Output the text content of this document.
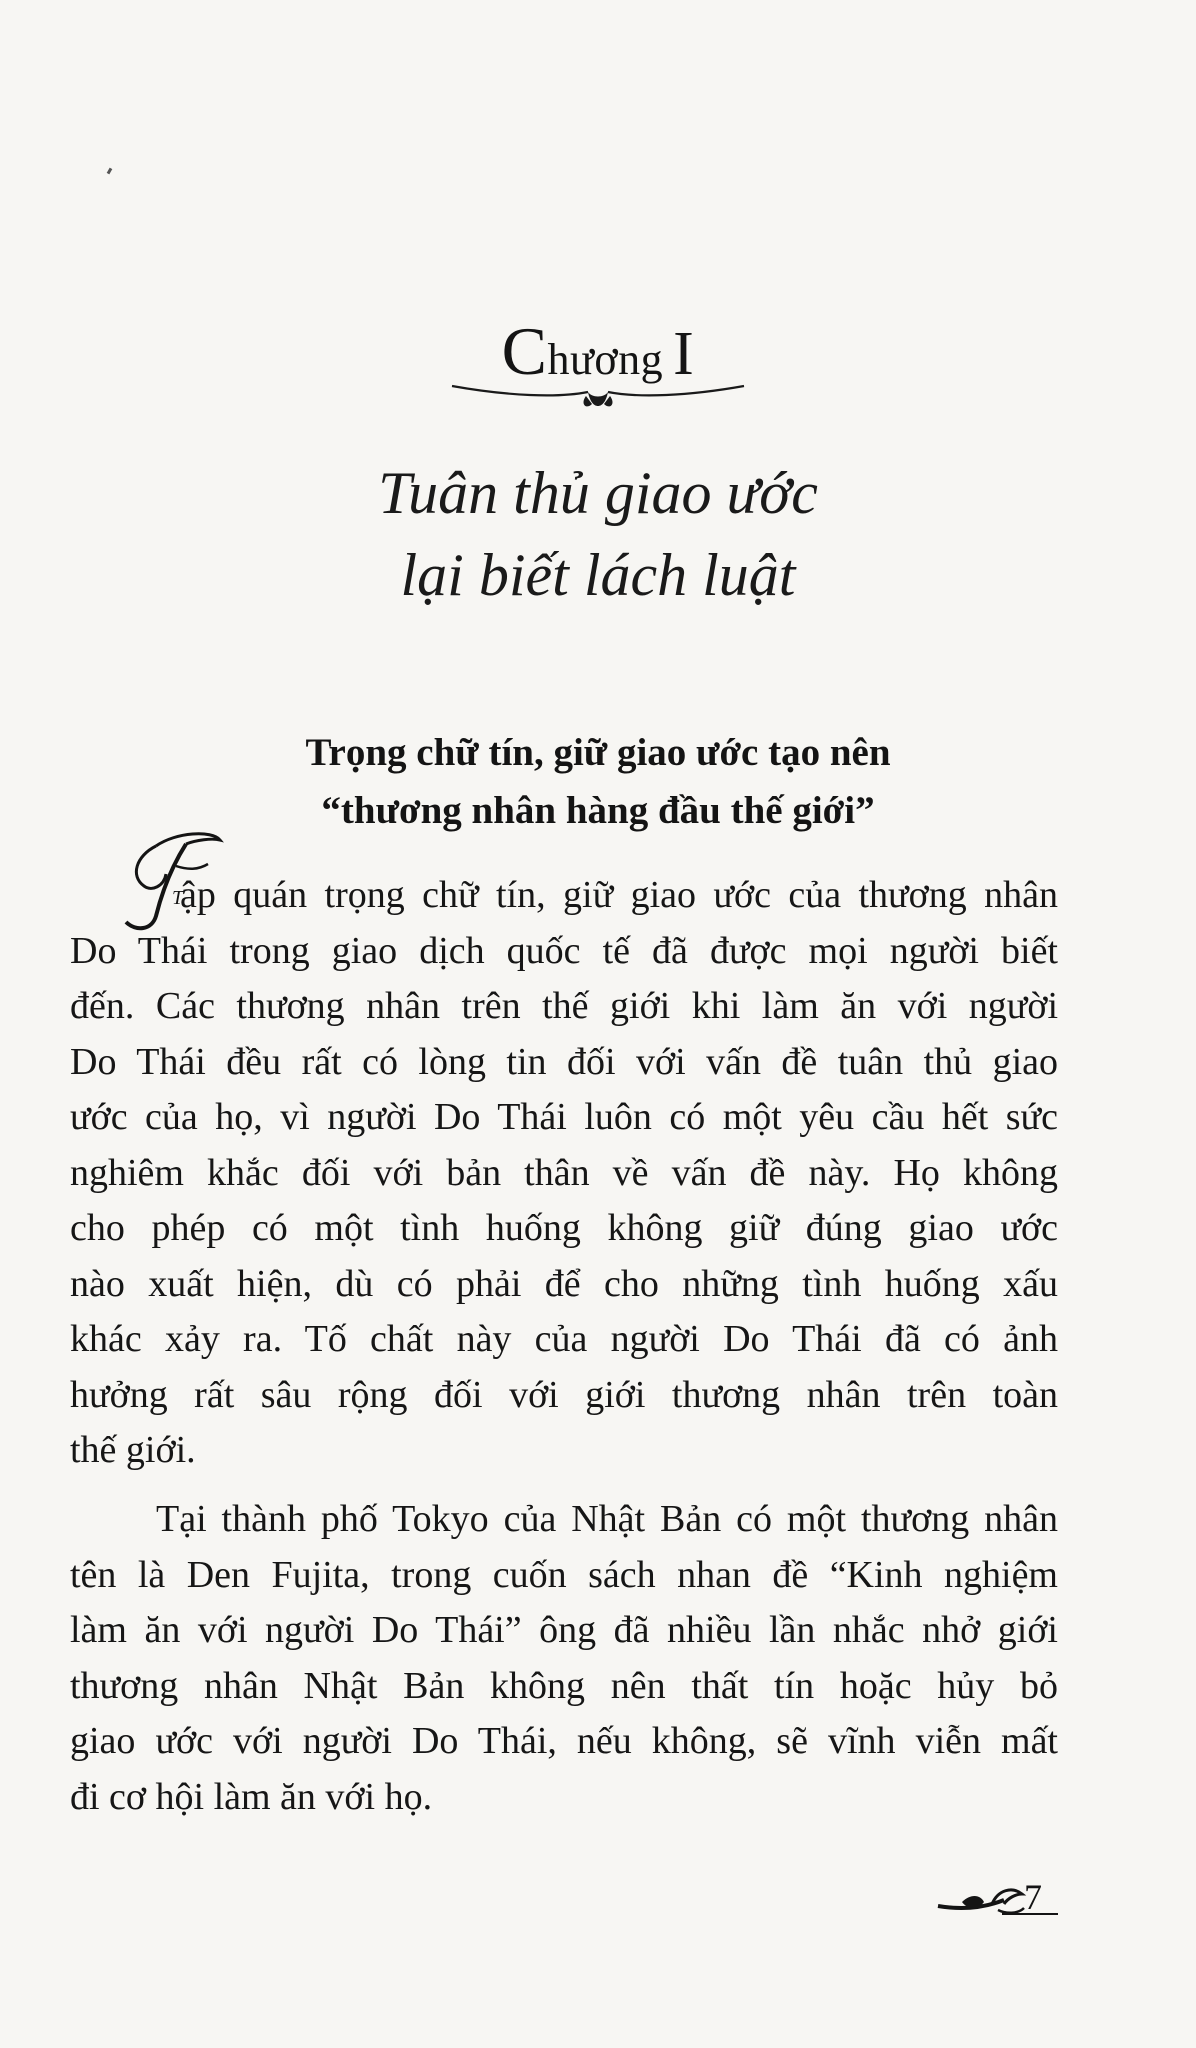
Chương I
Tuân thủ giao ước
lại biết lách luật
Trọng chữ tín, giữ giao ước tạo nên
“thương nhân hàng đầu thế giới”
T
ập quán trọng chữ tín, giữ giao ước của thương nhân
Do Thái trong giao dịch quốc tế đã được mọi người biết
đến. Các thương nhân trên thế giới khi làm ăn với người
Do Thái đều rất có lòng tin đối với vấn đề tuân thủ giao
ước của họ, vì người Do Thái luôn có một yêu cầu hết sức
nghiêm khắc đối với bản thân về vấn đề này. Họ không
cho phép có một tình huống không giữ đúng giao ước
nào xuất hiện, dù có phải để cho những tình huống xấu
khác xảy ra. Tố chất này của người Do Thái đã có ảnh
hưởng rất sâu rộng đối với giới thương nhân trên toàn
thế giới.
Tại thành phố Tokyo của Nhật Bản có một thương nhân
tên là Den Fujita, trong cuốn sách nhan đề “Kinh nghiệm
làm ăn với người Do Thái” ông đã nhiều lần nhắc nhở giới
thương nhân Nhật Bản không nên thất tín hoặc hủy bỏ
giao ước với người Do Thái, nếu không, sẽ vĩnh viễn mất
đi cơ hội làm ăn với họ.
7
